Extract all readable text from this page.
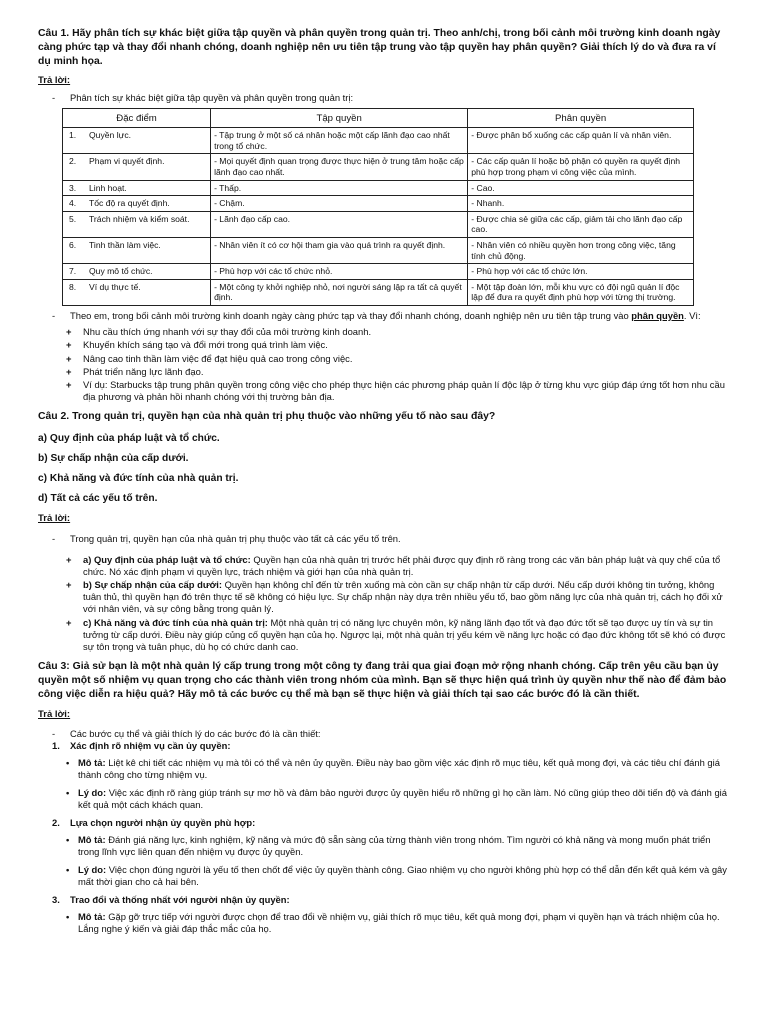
Câu 1. Hãy phân tích sự khác biệt giữa tập quyền và phân quyền trong quản trị. Theo anh/chị, trong bối cảnh môi trường kinh doanh ngày càng phức tạp và thay đổi nhanh chóng, doanh nghiệp nên ưu tiên tập trung vào tập quyền hay phân quyền? Giải thích lý do và đưa ra ví dụ minh họa.

Trả lời:

- Phân tích sự khác biệt giữa tập quyền và phân quyền trong quản trị:
Đặc điểm	Tập quyền	Phân quyền
1. Quyền lực.	- Tập trung ở một số cá nhân hoặc một cấp lãnh đạo cao nhất trong tổ chức.	- Được phân bổ xuống các cấp quản lí và nhân viên.
2. Phạm vi quyết định.	- Mọi quyết định quan trọng được thực hiện ở trung tâm hoặc cấp lãnh đạo cao nhất.	- Các cấp quản lí hoặc bộ phận có quyền ra quyết định phù hợp trong phạm vi công việc của mình.
3. Linh hoạt.	- Thấp.	- Cao.
4. Tốc độ ra quyết định.	- Chậm.	- Nhanh.
5. Trách nhiệm và kiểm soát.	- Lãnh đạo cấp cao.	- Được chia sẻ giữa các cấp, giảm tải cho lãnh đạo cấp cao.
6. Tinh thần làm việc.	- Nhân viên ít có cơ hội tham gia vào quá trình ra quyết định.	- Nhân viên có nhiều quyền hơn trong công việc, tăng tính chủ động.
7. Quy mô tổ chức.	- Phù hợp với các tổ chức nhỏ.	- Phù hợp với các tổ chức lớn.
8. Ví dụ thực tế.	- Một công ty khởi nghiệp nhỏ, nơi người sáng lập ra tất cả quyết định.	- Một tập đoàn lớn, mỗi khu vực có đội ngũ quản lí độc lập để đưa ra quyết định phù hợp với từng thị trường.
- Theo em, trong bối cảnh môi trường kinh doanh ngày càng phức tạp và thay đổi nhanh chóng, doanh nghiệp nên ưu tiên tập trung vào phân quyền. Vì:
+ Nhu cầu thích ứng nhanh với sự thay đổi của môi trường kinh doanh.
+ Khuyến khích sáng tạo và đổi mới trong quá trình làm việc.
+ Nâng cao tinh thần làm việc để đạt hiệu quả cao trong công việc.
+ Phát triển năng lực lãnh đạo.
+ Ví dụ: Starbucks tập trung phân quyền trong công việc cho phép thực hiện các phương pháp quản lí độc lập ở từng khu vực giúp đáp ứng tốt hơn nhu cầu địa phương và phản hồi nhanh chóng với thị trường bản địa.

Câu 2. Trong quản trị, quyền hạn của nhà quản trị phụ thuộc vào những yếu tố nào sau đây?

a) Quy định của pháp luật và tổ chức.

b) Sự chấp nhận của cấp dưới.

c) Khả năng và đức tính của nhà quản trị.

d) Tất cả các yếu tố trên.

Trả lời:

- Trong quản trị, quyền hạn của nhà quản trị phụ thuộc vào tất cả các yếu tố trên.
+ a) Quy định của pháp luật và tổ chức: Quyền hạn của nhà quản trị trước hết phải được quy định rõ ràng trong các văn bản pháp luật và quy chế của tổ chức. Nó xác định phạm vi quyền lực, trách nhiệm và giới hạn của nhà quản trị.
+ b) Sự chấp nhận của cấp dưới: Quyền hạn không chỉ đến từ trên xuống mà còn cần sự chấp nhận từ cấp dưới. Nếu cấp dưới không tin tưởng, không tuân thủ, thì quyền hạn đó trên thực tế sẽ không có hiệu lực. Sự chấp nhận này dựa trên nhiều yếu tố, bao gồm năng lực của nhà quản trị, cách họ đối xử với nhân viên, và sự công bằng trong quản lý.
+ c) Khả năng và đức tính của nhà quản trị: Một nhà quản trị có năng lực chuyên môn, kỹ năng lãnh đạo tốt và đạo đức tốt sẽ tạo được uy tín và sự tin tưởng từ cấp dưới. Điều này giúp củng cố quyền hạn của họ. Ngược lại, một nhà quản trị yếu kém về năng lực hoặc có đạo đức không tốt sẽ khó có được sự tôn trọng và tuân phục, dù họ có chức danh cao.

Câu 3: Giả sử bạn là một nhà quản lý cấp trung trong một công ty đang trải qua giai đoạn mở rộng nhanh chóng. Cấp trên yêu cầu bạn ủy quyền một số nhiệm vụ quan trọng cho các thành viên trong nhóm của mình. Bạn sẽ thực hiện quá trình ủy quyền như thế nào để đảm bảo công việc diễn ra hiệu quả? Hãy mô tả các bước cụ thể mà bạn sẽ thực hiện và giải thích tại sao các bước đó là cần thiết.

Trả lời:

- Các bước cụ thể và giải thích lý do các bước đó là cần thiết:
1. Xác định rõ nhiệm vụ cần ủy quyền:
• Mô tả: Liệt kê chi tiết các nhiệm vụ mà tôi có thể và nên ủy quyền. Điều này bao gồm việc xác định rõ mục tiêu, kết quả mong đợi, và các tiêu chí đánh giá thành công cho từng nhiệm vụ.
• Lý do: Việc xác định rõ ràng giúp tránh sự mơ hồ và đảm bảo người được ủy quyền hiểu rõ những gì họ cần làm. Nó cũng giúp theo dõi tiến độ và đánh giá kết quả một cách khách quan.
2. Lựa chọn người nhận ủy quyền phù hợp:
• Mô tả: Đánh giá năng lực, kinh nghiệm, kỹ năng và mức độ sẵn sàng của từng thành viên trong nhóm. Tìm người có khả năng và mong muốn phát triển trong lĩnh vực liên quan đến nhiệm vụ được ủy quyền.
• Lý do: Việc chọn đúng người là yếu tố then chốt để việc ủy quyền thành công. Giao nhiệm vụ cho người không phù hợp có thể dẫn đến kết quả kém và gây mất thời gian cho cả hai bên.
3. Trao đổi và thống nhất với người nhận ủy quyền:
• Mô tả: Gặp gỡ trực tiếp với người được chọn để trao đổi về nhiệm vụ, giải thích rõ mục tiêu, kết quả mong đợi, phạm vi quyền hạn và trách nhiệm của họ. Lắng nghe ý kiến và giải đáp thắc mắc của họ.
